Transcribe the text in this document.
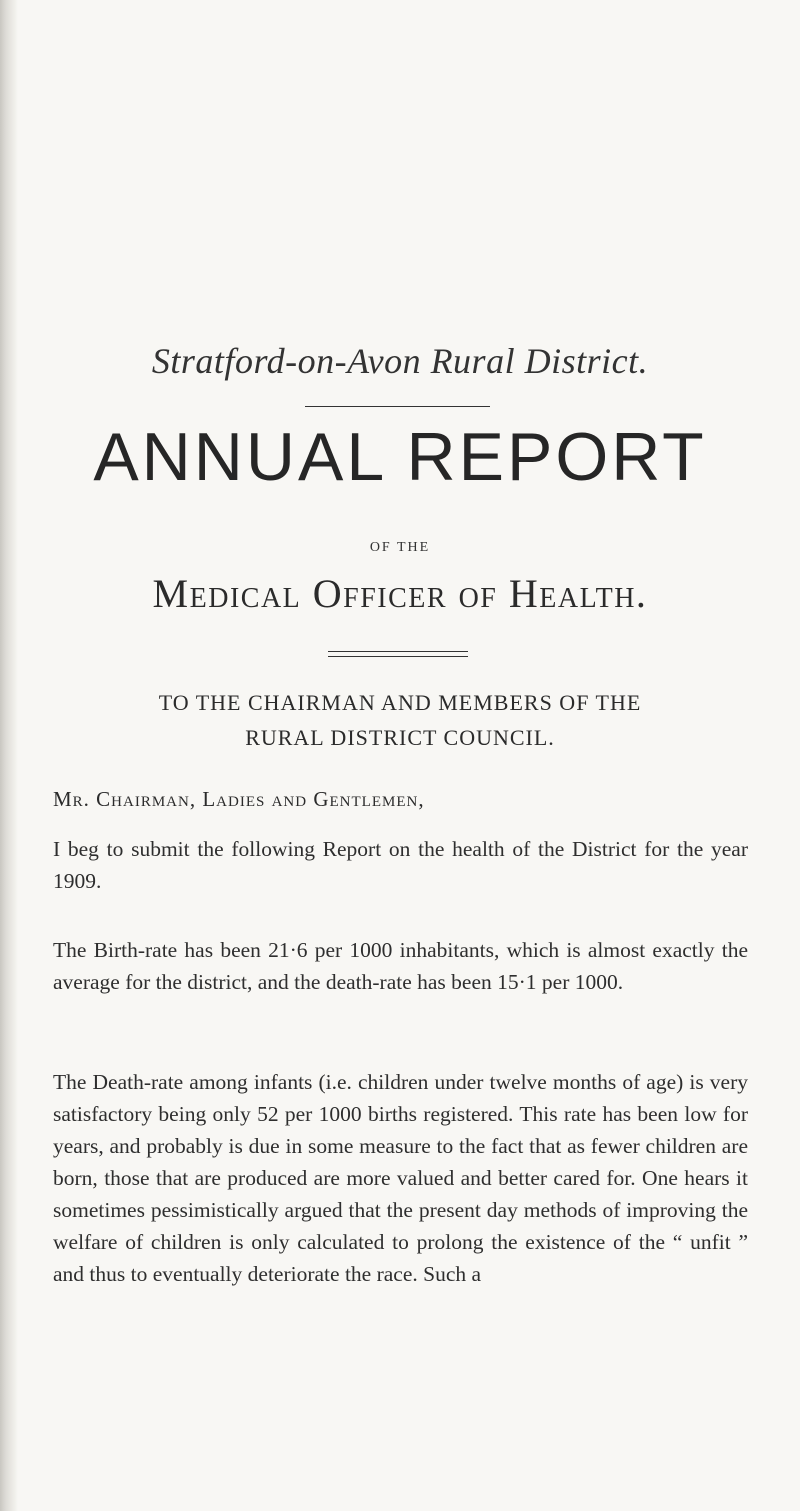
Stratford-on-Avon Rural District.
ANNUAL REPORT
OF THE
Medical Officer of Health.
TO THE CHAIRMAN AND MEMBERS OF THE
RURAL DISTRICT COUNCIL.
Mr. Chairman, Ladies and Gentlemen,
I beg to submit the following Report on the health of the District for the year 1909.
The Birth-rate has been 21·6 per 1000 inhabitants, which is almost exactly the average for the district, and the death-rate has been 15·1 per 1000.
The Death-rate among infants (i.e. children under twelve months of age) is very satisfactory being only 52 per 1000 births registered. This rate has been low for years, and probably is due in some measure to the fact that as fewer children are born, those that are produced are more valued and better cared for. One hears it sometimes pessimistically argued that the present day methods of improving the welfare of children is only calculated to prolong the existence of the “ unfit ” and thus to eventually deteriorate the race. Such a
